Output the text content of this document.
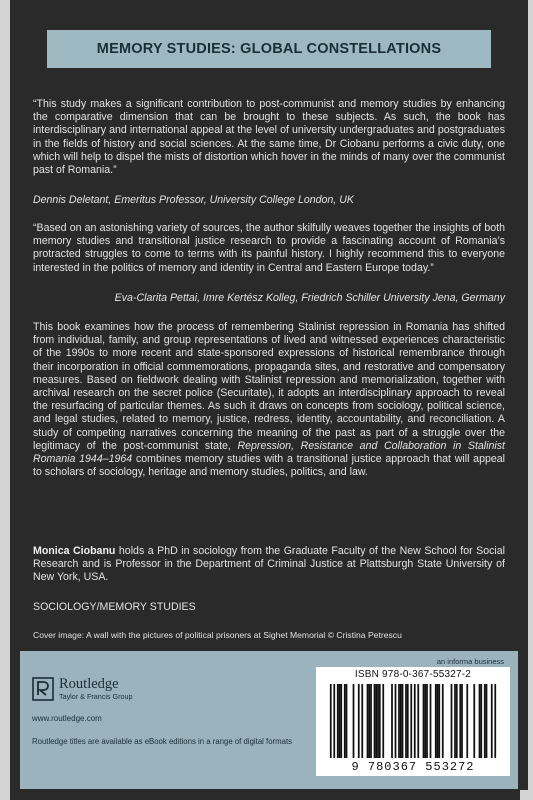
MEMORY STUDIES: GLOBAL CONSTELLATIONS
“This study makes a significant contribution to post-communist and memory studies by enhancing the comparative dimension that can be brought to these subjects. As such, the book has interdisciplinary and international appeal at the level of university undergraduates and postgraduates in the fields of history and social sciences. At the same time, Dr Ciobanu performs a civic duty, one which will help to dispel the mists of distortion which hover in the minds of many over the communist past of Romania.”
Dennis Deletant, Emeritus Professor, University College London, UK
“Based on an astonishing variety of sources, the author skilfully weaves together the insights of both memory studies and transitional justice research to provide a fascinating account of Romania’s protracted struggles to come to terms with its painful history. I highly recommend this to everyone interested in the politics of memory and identity in Central and Eastern Europe today.”
Eva-Clarita Pettai, Imre Kertész Kolleg, Friedrich Schiller University Jena, Germany
This book examines how the process of remembering Stalinist repression in Romania has shifted from individual, family, and group representations of lived and witnessed experiences characteristic of the 1990s to more recent and state-sponsored expressions of historical remembrance through their incorporation in official commemorations, propaganda sites, and restorative and compensatory measures. Based on fieldwork dealing with Stalinist repression and memorialization, together with archival research on the secret police (Securitate), it adopts an interdisciplinary approach to reveal the resurfacing of particular themes. As such it draws on concepts from sociology, political science, and legal studies, related to memory, justice, redress, identity, accountability, and reconciliation. A study of competing narratives concerning the meaning of the past as part of a struggle over the legitimacy of the post-communist state, Repression, Resistance and Collaboration in Stalinist Romania 1944–1964 combines memory studies with a transitional justice approach that will appeal to scholars of sociology, heritage and memory studies, politics, and law.
Monica Ciobanu holds a PhD in sociology from the Graduate Faculty of the New School for Social Research and is Professor in the Department of Criminal Justice at Plattsburgh State University of New York, USA.
SOCIOLOGY/MEMORY STUDIES
Cover image: A wall with the pictures of political prisoners at Sighet Memorial © Cristina Petrescu
an informa business
Routledge
Taylor & Francis Group
www.routledge.com
Routledge titles are available as eBook editions in a range of digital formats
ISBN 978-0-367-55327-2
9 780367 553272
